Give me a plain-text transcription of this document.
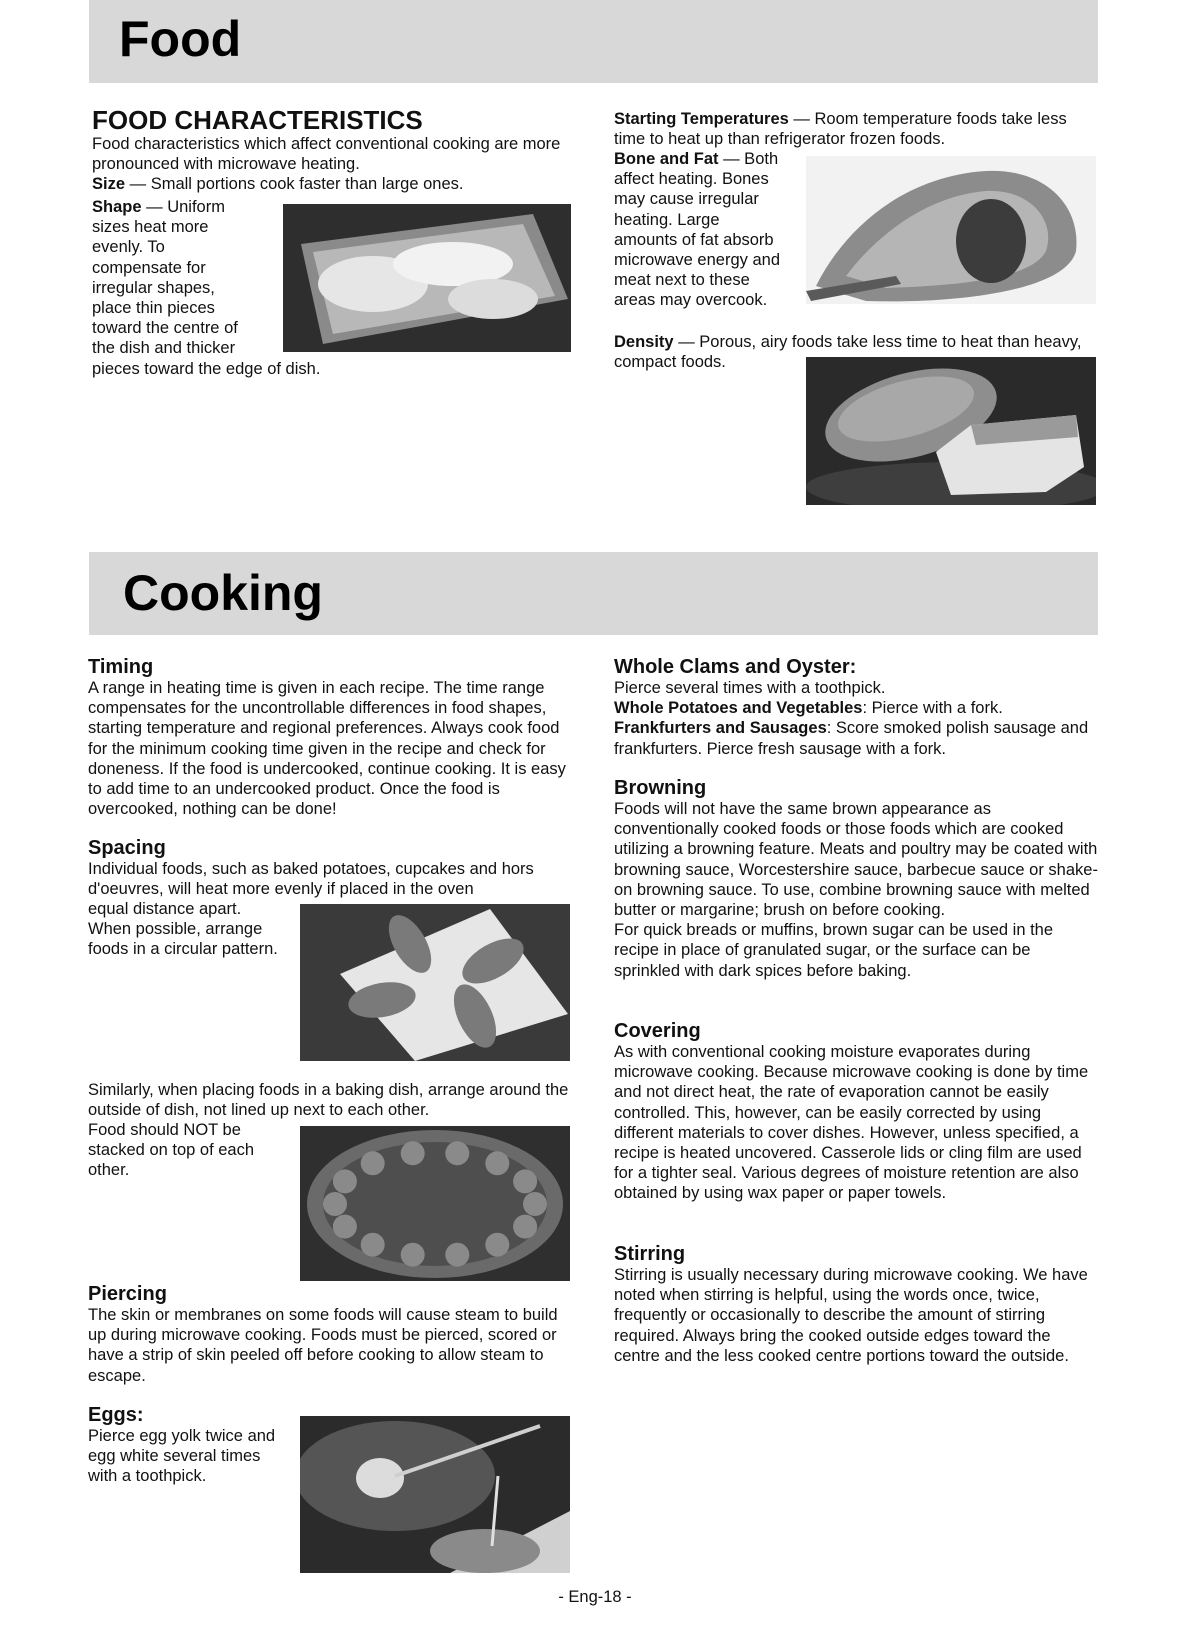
Food

FOOD CHARACTERISTICS

Food characteristics which affect conventional cooking are more pronounced with microwave heating.

Size — Small portions cook faster than large ones.

Shape — Uniform

sizes heat more

evenly. To

compensate for

irregular shapes,

place thin pieces

toward the centre of

the dish and thicker

pieces toward the edge of dish.

Starting Temperatures — Room temperature foods take less time to heat up than refrigerator frozen foods.

Bone and Fat — Both

affect heating. Bones

may cause irregular

heating. Large

amounts of fat absorb

microwave energy and

meat next to these

areas may overcook.

Density — Porous, airy foods take less time to heat than heavy, compact foods.

Cooking

Timing

A range in heating time is given in each recipe. The time range compensates for the uncontrollable differences in food shapes, starting temperature and regional preferences. Always cook food for the minimum cooking time given in the recipe and check for doneness. If the food is undercooked, continue cooking. It is easy to add time to an undercooked product. Once the food is overcooked, nothing can be done!

Spacing

Individual foods, such as baked potatoes, cupcakes and hors d'oeuvres, will heat more evenly if placed in the oven

equal distance apart.

When possible, arrange

foods in a circular pattern.

Similarly, when placing foods in a baking dish, arrange around the outside of dish, not lined up next to each other.

Food should NOT be

stacked on top of each

other.

Piercing

The skin or membranes on some foods will cause steam to build up during microwave cooking. Foods must be pierced, scored or have a strip of skin peeled off before cooking to allow steam to escape.

Eggs:

Pierce egg yolk twice and

egg white several times

with a toothpick.

Whole Clams and Oyster:

Pierce several times with a toothpick.

Whole Potatoes and Vegetables: Pierce with a fork.

Frankfurters and Sausages: Score smoked polish sausage and frankfurters. Pierce fresh sausage with a fork.

Browning

Foods will not have the same brown appearance as conventionally cooked foods or those foods which are cooked utilizing a browning feature. Meats and poultry may be coated with browning sauce, Worcestershire sauce, barbecue sauce or shake-on browning sauce. To use, combine browning sauce with melted butter or margarine; brush on before cooking.

For quick breads or muffins, brown sugar can be used in the recipe in place of granulated sugar, or the surface can be sprinkled with dark spices before baking.

Covering

As with conventional cooking moisture evaporates during microwave cooking. Because microwave cooking is done by time and not direct heat, the rate of evaporation cannot be easily controlled. This, however, can be easily corrected by using different materials to cover dishes. However, unless specified, a recipe is heated uncovered. Casserole lids or cling film are used for a tighter seal. Various degrees of moisture retention are also obtained by using wax paper or paper towels.

Stirring

Stirring is usually necessary during microwave cooking. We have noted when stirring is helpful, using the words once, twice, frequently or occasionally to describe the amount of stirring required. Always bring the cooked outside edges toward the centre and the less cooked centre portions toward the outside.

- Eng-18 -
